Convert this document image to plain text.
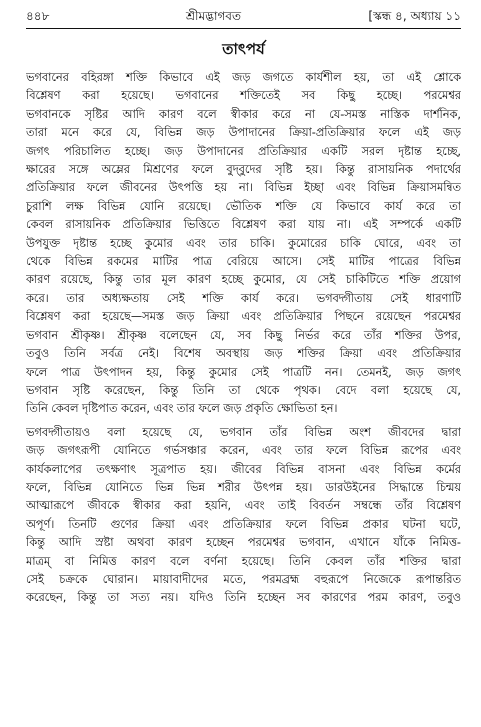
৪৪৮	শ্রীমদ্ভাগবত	[স্কন্ধ ৪, অধ্যায় ১১
তাৎপর্য
ভগবানের বহিরঙ্গা শক্তি কিভাবে এই জড় জগতে কার্যশীল হয়, তা এই শ্লোকে
বিশ্লেষণ করা হয়েছে। ভগবানের শক্তিতেই সব কিছু হচ্ছে। পরমেশ্বর
ভগবানকে সৃষ্টির আদি কারণ বলে স্বীকার করে না যে-সমস্ত নাস্তিক দার্শনিক,
তারা মনে করে যে, বিভিন্ন জড় উপাদানের ক্রিয়া-প্রতিক্রিয়ার ফলে এই জড়
জগৎ পরিচালিত হচ্ছে। জড় উপাদানের প্রতিক্রিয়ার একটি সরল দৃষ্টান্ত হচ্ছে,
ক্ষারের সঙ্গে অম্লের মিশ্রণের ফলে বুদ্‌বুদের সৃষ্টি হয়। কিন্তু রাসায়নিক পদার্থের
প্রতিক্রিয়ার ফলে জীবনের উৎপত্তি হয় না। বিভিন্ন ইচ্ছা এবং বিভিন্ন ক্রিয়াসমন্বিত
চুরাশি লক্ষ বিভিন্ন যোনি রয়েছে। ভৌতিক শক্তি যে কিভাবে কার্য করে তা
কেবল রাসায়নিক প্রতিক্রিয়ার ভিত্তিতে বিশ্লেষণ করা যায় না। এই সম্পর্কে একটি
উপযুক্ত দৃষ্টান্ত হচ্ছে কুমোর এবং তার চাকি। কুমোরের চাকি ঘোরে, এবং তা
থেকে বিভিন্ন রকমের মাটির পাত্র বেরিয়ে আসে। সেই মাটির পাত্রের বিভিন্ন
কারণ রয়েছে, কিন্তু তার মূল কারণ হচ্ছে কুমোর, যে সেই চাকিটিতে শক্তি প্রয়োগ
করে। তার অধ্যক্ষতায় সেই শক্তি কার্য করে। ভগবদ্গীতায় সেই ধারণাটি
বিশ্লেষণ করা হয়েছে—সমস্ত জড় ক্রিয়া এবং প্রতিক্রিয়ার পিছনে রয়েছেন পরমেশ্বর
ভগবান শ্রীকৃষ্ণ। শ্রীকৃষ্ণ বলেছেন যে, সব কিছু নির্ভর করে তাঁর শক্তির উপর,
তবুও তিনি সর্বত্র নেই। বিশেষ অবস্থায় জড় শক্তির ক্রিয়া এবং প্রতিক্রিয়ার
ফলে পাত্র উৎপাদন হয়, কিন্তু কুমোর সেই পাত্রটি নন। তেমনই, জড় জগৎ
ভগবান সৃষ্টি করেছেন, কিন্তু তিনি তা থেকে পৃথক। বেদে বলা হয়েছে যে,
তিনি কেবল দৃষ্টিপাত করেন, এবং তার ফলে জড় প্রকৃতি ক্ষোভিতা হন।
ভগবদ্গীতায়ও বলা হয়েছে যে, ভগবান তাঁর বিভিন্ন অংশ জীবদের দ্বারা
জড় জগৎরূপী যোনিতে গর্ভসঞ্চার করেন, এবং তার ফলে বিভিন্ন রূপের এবং
কার্যকলাপের তৎক্ষণাৎ সূত্রপাত হয়। জীবের বিভিন্ন বাসনা এবং বিভিন্ন কর্মের
ফলে, বিভিন্ন যোনিতে ভিন্ন ভিন্ন শরীর উৎপন্ন হয়। ডারউইনের সিদ্ধান্তে চিন্ময়
আত্মারূপে জীবকে স্বীকার করা হয়নি, এবং তাই বিবর্তন সম্বন্ধে তাঁর বিশ্লেষণ
অপূর্ণ। তিনটি গুণের ক্রিয়া এবং প্রতিক্রিয়ার ফলে বিভিন্ন প্রকার ঘটনা ঘটে,
কিন্তু আদি স্রষ্টা অথবা কারণ হচ্ছেন পরমেশ্বর ভগবান, এখানে যাঁকে নিমিত্ত-
মাত্রম্ বা নিমিত্ত কারণ বলে বর্ণনা হয়েছে। তিনি কেবল তাঁর শক্তির দ্বারা
সেই চক্রকে ঘোরান। মায়াবাদীদের মতে, পরমব্রহ্ম বহুরূপে নিজেকে রূপান্তরিত
করেছেন, কিন্তু তা সত্য নয়। যদিও তিনি হচ্ছেন সব কারণের পরম কারণ, তবুও
